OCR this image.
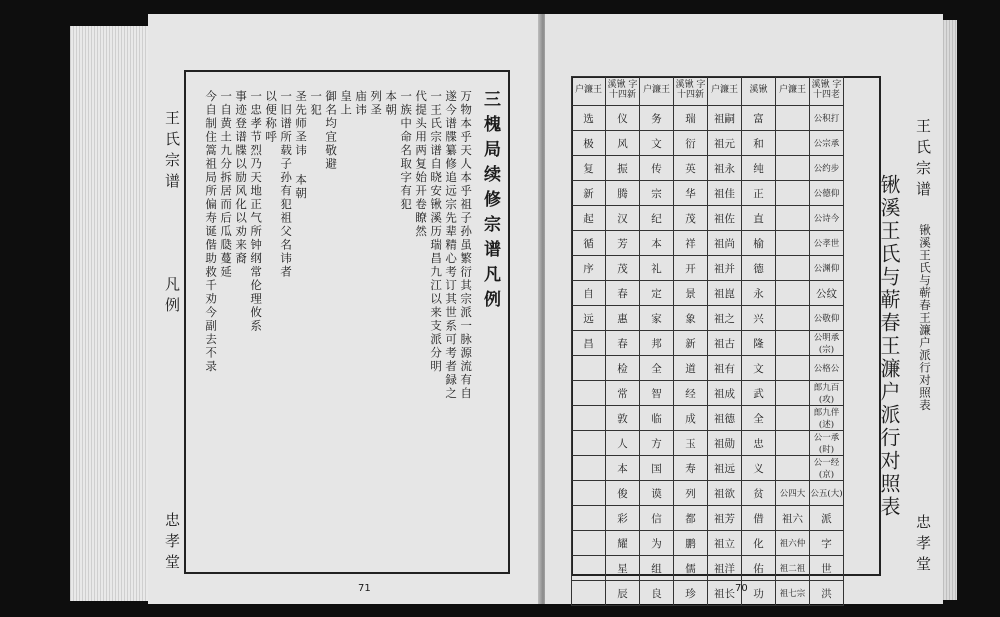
王氏宗谱
凡例
忠孝堂
三槐局续修宗谱凡例
万物本乎天人本乎祖子孙虽繁衍其宗派一脉源流有自
遂今谱牒纂修追远宗先辈精心考订其世系可考者録之
一王氏宗谱自晓安锹溪历瑞昌九江以来支派分明
代提头用两复始开卷瞭然
一族中命名取字有犯
本朝
列圣
庙讳
皇上
御名均宜敬避
一犯
圣先师圣讳 本朝
一旧谱所载子孙有犯祖父名讳者
以便称呼
一忠孝节烈乃天地正气所钟纲常伦理攸系
事迹登谱牒以励风化以劝来裔
一自黄土九分拆居而后瓜瓞蔓延
今自制住篙祖局所偏寿诞偕助救千劝今副去不录
71
户濂王	溪锹 字十四新	户濂王	溪锹 字十四新	户濂王	溪锹	户濂王	溪锹 字十四老
选	仪	务	瑞	祖嗣	富		公积打
极	风	文	衍	祖元	和		公宗承
复	振	传	英	祖永	纯		公约步
新	腾	宗	华	祖佳	正		公德仰
起	汉	纪	茂	祖佐	直		公诗今
循	芳	本	祥	祖尚	榆		公孝世
序	茂	礼	开	祖并	德		公渊仰
自	春	定	景	祖崑	永		公纹
远	惠	家	象	祖之	兴		公敬仰
昌	春	邦	新	祖古	隆		公明承(宗)
	检	全	道	祖有	文		公格公
	常	智	经	祖成	武		郎九百(攻)
	敦	临	成	祖德	全		郎九伴(述)
	人	方	玉	祖勋	忠		公一承(时)
	本	国	寿	祖远	义		公一经(京)
	俊	谟	列	祖欲	贫	公四大	公五(大)
	彩	信	都	祖芳	借	祖六	派
	耀	为	鹏	祖立	化	祖六仲	字
	星	组	儒	祖洋	佑	祖二祖	世
	辰	良	珍	祖长	功	祖七宗	洪
锹溪王氏与蕲春王濂户派行对照表
王氏宗谱
锹溪王氏与蕲春王濂户派行对照表
忠孝堂
70
